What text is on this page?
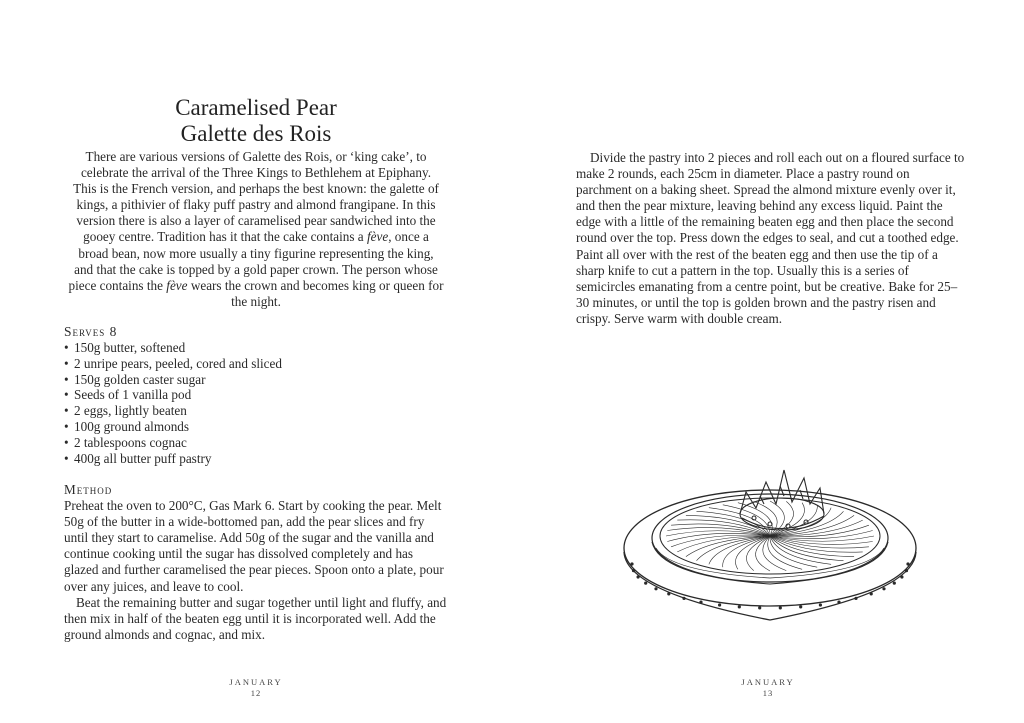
Caramelised Pear
Galette des Rois

There are various versions of Galette des Rois, or ‘king cake’, to celebrate the arrival of the Three Kings to Bethlehem at Epiphany. This is the French version, and perhaps the best known: the galette of kings, a pithivier of flaky puff pastry and almond frangipane. In this version there is also a layer of caramelised pear sandwiched into the gooey centre. Tradition has it that the cake contains a fève, once a broad bean, now more usually a tiny figurine representing the king, and that the cake is topped by a gold paper crown. The person whose piece contains the fève wears the crown and becomes king or queen for the night.

Serves 8

• 150g butter, softened
• 2 unripe pears, peeled, cored and sliced
• 150g golden caster sugar
• Seeds of 1 vanilla pod
• 2 eggs, lightly beaten
• 100g ground almonds
• 2 tablespoons cognac
• 400g all butter puff pastry

Method

Preheat the oven to 200°C, Gas Mark 6. Start by cooking the pear. Melt 50g of the butter in a wide-bottomed pan, add the pear slices and fry until they start to caramelise. Add 50g of the sugar and the vanilla and continue cooking until the sugar has dissolved completely and has glazed and further caramelised the pear pieces. Spoon onto a plate, pour over any juices, and leave to cool.

Beat the remaining butter and sugar together until light and fluffy, and then mix in half of the beaten egg until it is incorporated well. Add the ground almonds and cognac, and mix.

JANUARY
12

Divide the pastry into 2 pieces and roll each out on a floured surface to make 2 rounds, each 25cm in diameter. Place a pastry round on parchment on a baking sheet. Spread the almond mixture evenly over it, and then the pear mixture, leaving behind any excess liquid. Paint the edge with a little of the remaining beaten egg and then place the second round over the top. Press down the edges to seal, and cut a toothed edge. Paint all over with the rest of the beaten egg and then use the tip of a sharp knife to cut a pattern in the top. Usually this is a series of semicircles emanating from a centre point, but be creative. Bake for 25–30 minutes, or until the top is golden brown and the pastry risen and crispy. Serve warm with double cream.

JANUARY
13
